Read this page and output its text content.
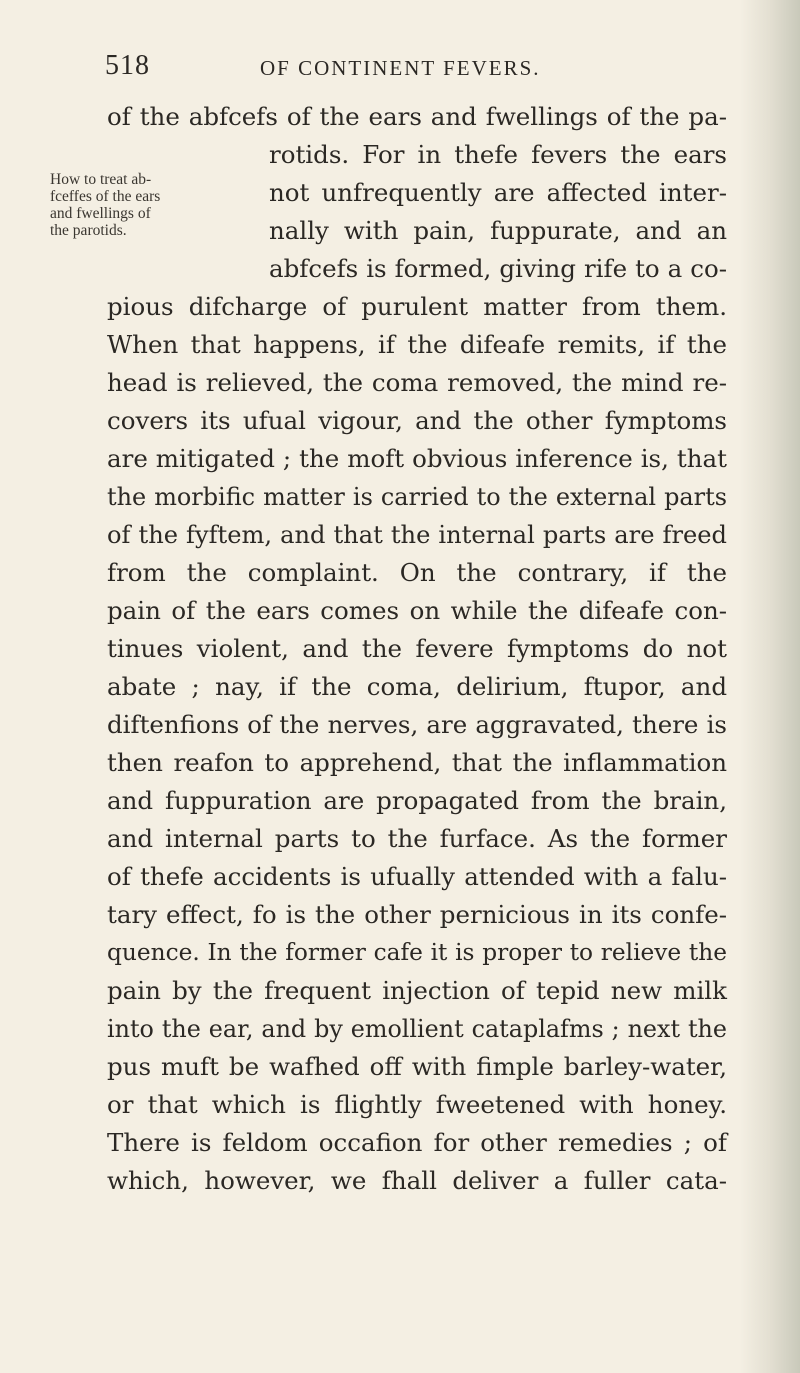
518	OF CONTINENT FEVERS.
How to treat ab-
fceffes of the ears
and fwellings of
the parotids.
of the abfcefs of the ears and fwellings of the pa-
rotids. For in thefe fevers the ears
not unfrequently are affected inter-
nally with pain, fuppurate, and an
abfcefs is formed, giving rife to a co-
pious difcharge of purulent matter from them.
When that happens, if the difeafe remits, if the
head is relieved, the coma removed, the mind re-
covers its ufual vigour, and the other fymptoms
are mitigated ; the moft obvious inference is, that
the morbific matter is carried to the external parts
of the fyftem, and that the internal parts are freed
from the complaint. On the contrary, if the
pain of the ears comes on while the difeafe con-
tinues violent, and the fevere fymptoms do not
abate ; nay, if the coma, delirium, ftupor, and
diftenfions of the nerves, are aggravated, there is
then reafon to apprehend, that the inflammation
and fuppuration are propagated from the brain,
and internal parts to the furface. As the former
of thefe accidents is ufually attended with a falu-
tary effect, fo is the other pernicious in its confe-
quence. In the former cafe it is proper to relieve the
pain by the frequent injection of tepid new milk
into the ear, and by emollient cataplafms ; next the
pus muft be wafhed off with fimple barley-water,
or that which is flightly fweetened with honey.
There is feldom occafion for other remedies ; of
which, however, we fhall deliver a fuller cata-
